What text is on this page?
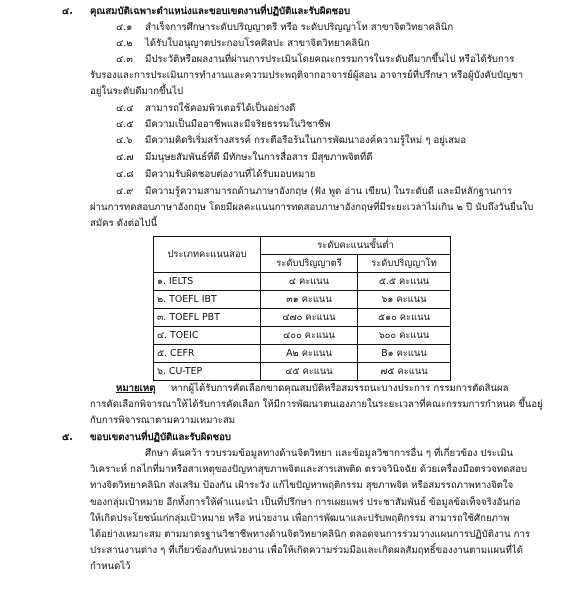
๔. คุณสมบัติเฉพาะตำแหน่งและขอบเขตงานที่ปฏิบัติและรับผิดชอบ
๔.๑ สำเร็จการศึกษาระดับปริญญาตรี หรือ ระดับปริญญาโท สาขาจิตวิทยาคลินิก
๔.๒ ได้รับใบอนุญาตประกอบโรคศิลปะ สาขาจิตวิทยาคลินิก
๔.๓ มีประวัติหรือผลงานที่ผ่านการประเมินโดยคณะกรรมการในระดับดีมากขึ้นไป หรือได้รับการ
รับรองและการประเมินการทำงานและความประพฤติจากอาจารย์ผู้สอน อาจารย์ที่ปรึกษา หรือผู้บังคับบัญชา
อยู่ในระดับดีมากขึ้นไป
๔.๔ สามารถใช้คอมพิวเตอร์ได้เป็นอย่างดี
๔.๕ มีความเป็นมืออาชีพและมีจริยธรรมในวิชาชีพ
๔.๖ มีความคิดริเริ่มสร้างสรรค์ กระตือรือร้นในการพัฒนาองค์ความรู้ใหม่ ๆ อยู่เสมอ
๔.๗ มีมนุษยสัมพันธ์ที่ดี มีทักษะในการสื่อสาร มีสุขภาพจิตที่ดี
๔.๘ มีความรับผิดชอบต่องานที่ได้รับมอบหมาย
๔.๙ มีความรู้ความสามารถด้านภาษาอังกฤษ (ฟัง พูด อ่าน เขียน) ในระดับดี และมีหลักฐานการ
ผ่านการทดสอบภาษาอังกฤษ โดยมีผลคะแนนการทดสอบภาษาอังกฤษที่มีระยะเวลาไม่เกิน ๒ ปี นับถึงวันยื่นใบ
สมัคร ดังต่อไปนี้
ประเภทคะแนนสอบ	ระดับคะแนนขั้นต่ำ	
	ระดับปริญญาตรี	ระดับปริญญาโท
๑. IELTS	๔ คะแนน	๕.๕ คะแนน
๒. TOEFL IBT	๓๑ คะแนน	๖๑ คะแนน
๓. TOEFL PBT	๔๗๐ คะแนน	๕๑๐ คะแนน
๔. TOEIC	๔๐๐ คะแนน	๖๐๐ คะแนน
๕. CEFR	A๒ คะแนน	B๑ คะแนน
๖. CU-TEP	๔๕ คะแนน	๗๕ คะแนน
หมายเหตุ หากผู้ได้รับการคัดเลือกขาดคุณสมบัติหรือสมรรถนะบางประการ กรรมการตัดสินผล
การคัดเลือกพิจารณาให้ได้รับการคัดเลือก ให้มีการพัฒนาตนเองภายในระยะเวลาที่คณะกรรมการกำหนด ขึ้นอยู่
กับการพิจารณาตามความเหมาะสม
๕. ขอบเขตงานที่ปฏิบัติและรับผิดชอบ
ศึกษา ค้นคว้า รวบรวมข้อมูลทางด้านจิตวิทยา และข้อมูลวิชาการอื่น ๆ ที่เกี่ยวข้อง ประเมิน
วิเคราะห์ กลไกที่มาหรือสาเหตุของปัญหาสุขภาพจิตและสารเสพติด ตรวจวินิจฉัย ด้วยเครื่องมือตรวจทดสอบ
ทางจิตวิทยาคลินิก ส่งเสริม ป้องกัน เฝ้าระวัง แก้ไขปัญหาพฤติกรรม สุขภาพจิต หรือสมรรถภาพทางจิตใจ
ของกลุ่มเป้าหมาย อีกทั้งการให้คำแนะนำ เป็นที่ปรึกษา การเผยแพร่ ประชาสัมพันธ์ ข้อมูลข้อเท็จจริงอันก่อ
ให้เกิดประโยชน์แก่กลุ่มเป้าหมาย หรือ หน่วยงาน เพื่อการพัฒนาและปรับพฤติกรรม สามารถใช้ศักยภาพ
ได้อย่างเหมาะสม ตามมาตรฐานวิชาชีพทางด้านจิตวิทยาคลินิก ตลอดจนการร่วมวางแผนการปฏิบัติงาน การ
ประสานงานต่าง ๆ ที่เกี่ยวข้องกับหน่วยงาน เพื่อให้เกิดความร่วมมือและเกิดผลสัมฤทธิ์ของงานตามแผนที่ได้
กำหนดไว้
